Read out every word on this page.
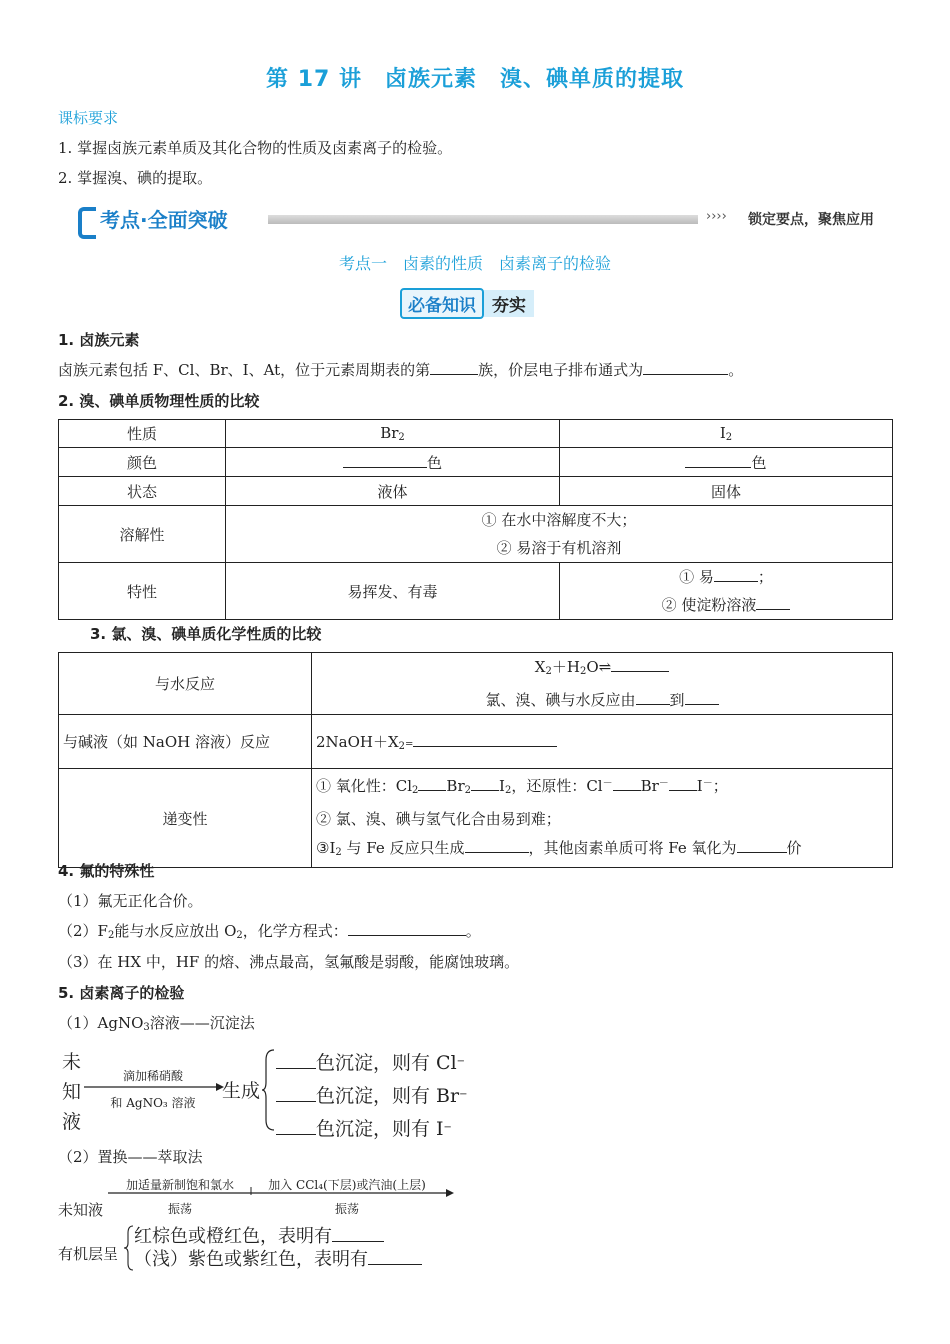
第 17 讲　卤族元素　溴、碘单质的提取
课标要求
1. 掌握卤族元素单质及其化合物的性质及卤素离子的检验。
2. 掌握溴、碘的提取。
考点·全面突破	›››› 锁定要点，聚焦应用
考点一　卤素的性质　卤素离子的检验
必备知识 夯实
1. 卤族元素
卤族元素包括 F、Cl、Br、I、At，位于元素周期表的第	族，价层电子排布通式为	。
2. 溴、碘单质物理性质的比较
性质	$Br_2$	$I_2$
颜色	色	色
状态	液体	固体
溶解性	① 在水中溶解度不大；
② 易溶于有机溶剂	

特性	易挥发、有毒	① 易 ；
② 使淀粉溶液
3. 氯、溴、碘单质化学性质的比较
与水反应	$X_2+H_2O\rightleftharpoons$
氯、溴、碘与水反应由 到

与碱液（如 NaOH 溶液）反应	$2NaOH+X_2=$
递变性	① 氧化性：$Cl_2$ $Br_2$ $I_2$，还原性：Cl－ Br－ I－；
② 氯、溴、碘与氢气化合由易到难；
$③I_2$ 与 Fe 反应只生成 ，其他卤素单质可将 Fe 氧化为 价
4. 氟的特殊性
（1）氟无正化合价。
$(2)F_2$能与水反应放出 $O_2$，化学方程式：	。
（3）在 HX 中，HF 的熔、沸点最高，氢氟酸是弱酸，能腐蚀玻璃。
5. 卤素离子的检验
（1）AgNO$_3$溶液——沉淀法
未
知
液
滴加稀硝酸
和 AgNO₃ 溶液
生成
色沉淀，则有 Cl−
色沉淀，则有 Br−
色沉淀，则有 I−
（2）置换——萃取法
加适量新制饱和氯水
振荡
加入 CCl₄(下层)或汽油(上层)
振荡
未知液
有机层呈
红棕色或橙红色，表明有
（浅）紫色或紫红色，表明有
